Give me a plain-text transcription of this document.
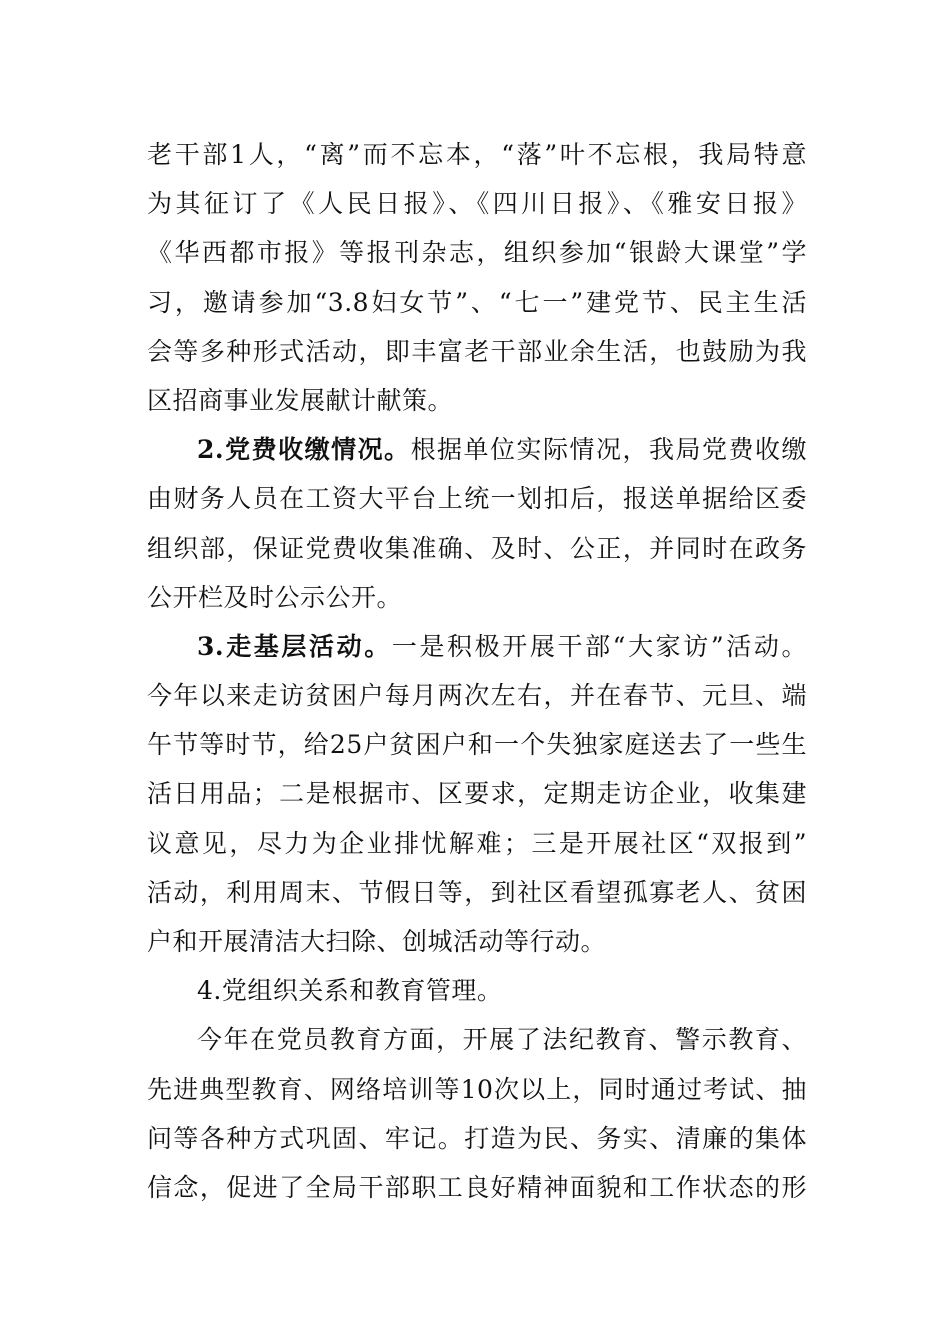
老干部1人，“离”而不忘本，“落”叶不忘根，我局特意
为其征订了《人民日报》、《四川日报》、《雅安日报》
《华西都市报》等报刊杂志，组织参加“银龄大课堂”学
习，邀请参加“3.8妇女节”、“七一”建党节、民主生活
会等多种形式活动，即丰富老干部业余生活，也鼓励为我
区招商事业发展献计献策。
2.党费收缴情况。根据单位实际情况，我局党费收缴
由财务人员在工资大平台上统一划扣后，报送单据给区委
组织部，保证党费收集准确、及时、公正，并同时在政务
公开栏及时公示公开。
3.走基层活动。一是积极开展干部“大家访”活动。
今年以来走访贫困户每月两次左右，并在春节、元旦、端
午节等时节，给25户贫困户和一个失独家庭送去了一些生
活日用品；二是根据市、区要求，定期走访企业，收集建
议意见，尽力为企业排忧解难；三是开展社区“双报到”
活动，利用周末、节假日等，到社区看望孤寡老人、贫困
户和开展清洁大扫除、创城活动等行动。
4.党组织关系和教育管理。
今年在党员教育方面，开展了法纪教育、警示教育、
先进典型教育、网络培训等10次以上，同时通过考试、抽
问等各种方式巩固、牢记。打造为民、务实、清廉的集体
信念，促进了全局干部职工良好精神面貌和工作状态的形
